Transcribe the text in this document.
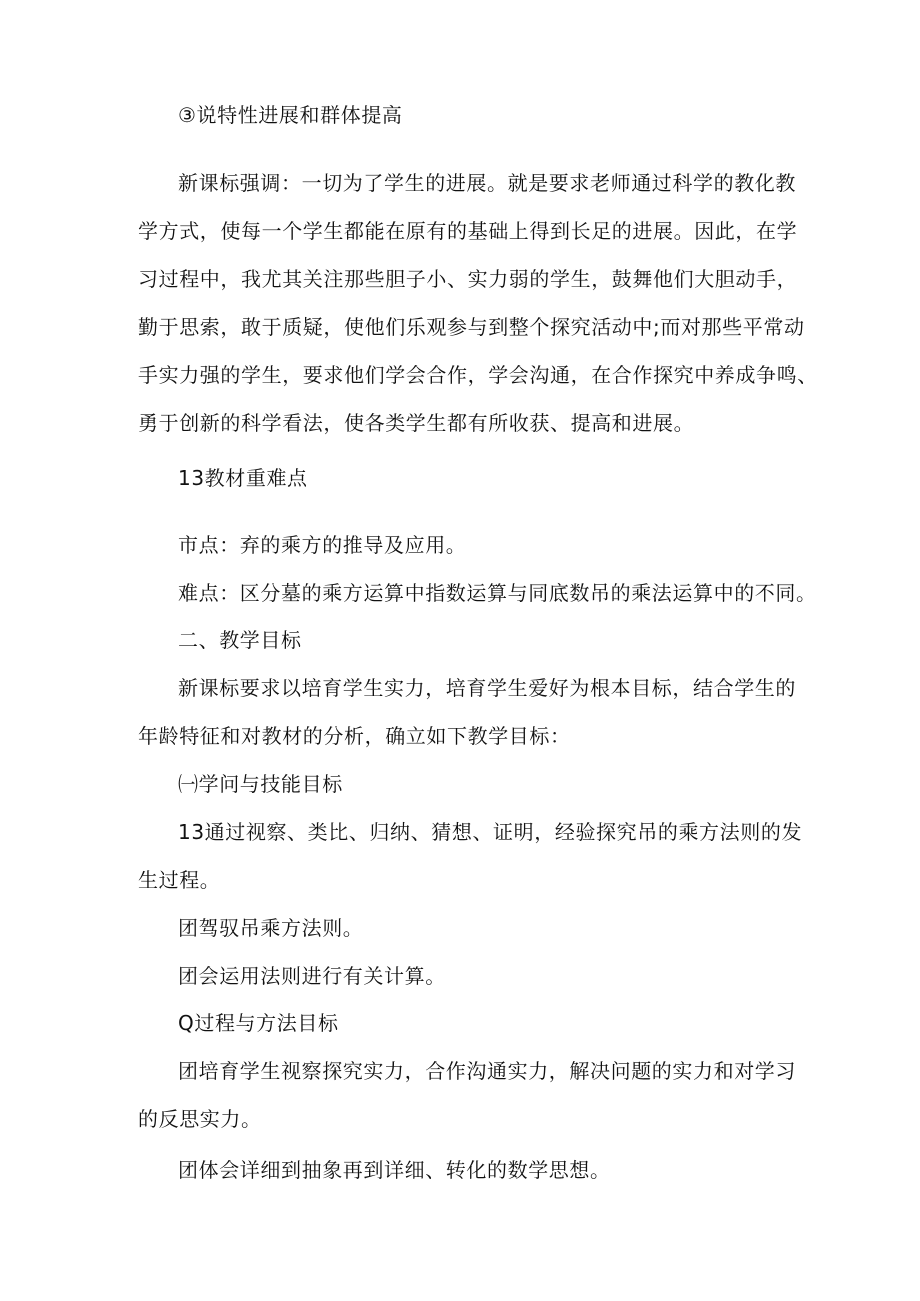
③说特性进展和群体提高
新课标强调：一切为了学生的进展。就是要求老师通过科学的教化教
学方式，使每一个学生都能在原有的基础上得到长足的进展。因此，在学
习过程中，我尤其关注那些胆子小、实力弱的学生，鼓舞他们大胆动手，
勤于思索，敢于质疑，使他们乐观参与到整个探究活动中;而对那些平常动
手实力强的学生，要求他们学会合作，学会沟通，在合作探究中养成争鸣、
勇于创新的科学看法，使各类学生都有所收获、提高和进展。
13教材重难点
市点：弃的乘方的推导及应用。
难点：区分墓的乘方运算中指数运算与同底数吊的乘法运算中的不同。
二、教学目标
新课标要求以培育学生实力，培育学生爱好为根本目标，结合学生的
年龄特征和对教材的分析，确立如下教学目标：
㈠学问与技能目标
13通过视察、类比、归纳、猜想、证明，经验探究吊的乘方法则的发
生过程。
团驾驭吊乘方法则。
团会运用法则进行有关计算。
Q过程与方法目标
团培育学生视察探究实力，合作沟通实力，解决问题的实力和对学习
的反思实力。
团体会详细到抽象再到详细、转化的数学思想。
